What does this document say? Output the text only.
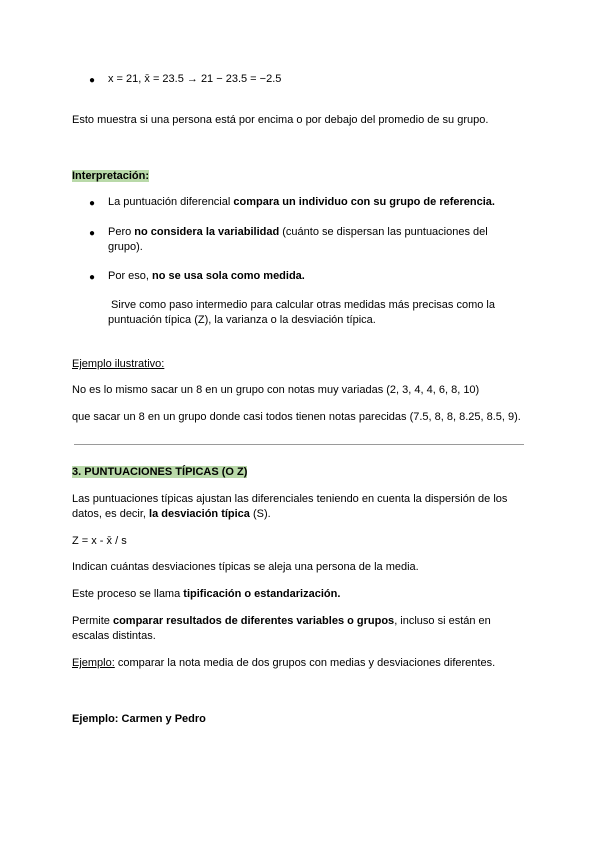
● x = 21, x̄ = 23.5 → 21 − 23.5 = −2.5
Esto muestra si una persona está por encima o por debajo del promedio de su grupo.
Interpretación:
● La puntuación diferencial compara un individuo con su grupo de referencia.
● Pero no considera la variabilidad (cuánto se dispersan las puntuaciones del
grupo).
● Por eso, no se usa sola como medida.
Sirve como paso intermedio para calcular otras medidas más precisas como la
puntuación típica (Z), la varianza o la desviación típica.
Ejemplo ilustrativo:
No es lo mismo sacar un 8 en un grupo con notas muy variadas (2, 3, 4, 4, 6, 8, 10)
que sacar un 8 en un grupo donde casi todos tienen notas parecidas (7.5, 8, 8, 8.25, 8.5, 9).
3. PUNTUACIONES TÍPICAS (O Z)
Las puntuaciones típicas ajustan las diferenciales teniendo en cuenta la dispersión de los
datos, es decir, la desviación típica (S).
Z = x - x̄ / s
Indican cuántas desviaciones típicas se aleja una persona de la media.
Este proceso se llama tipificación o estandarización.
Permite comparar resultados de diferentes variables o grupos, incluso si están en
escalas distintas.
Ejemplo: comparar la nota media de dos grupos con medias y desviaciones diferentes.
Ejemplo: Carmen y Pedro
